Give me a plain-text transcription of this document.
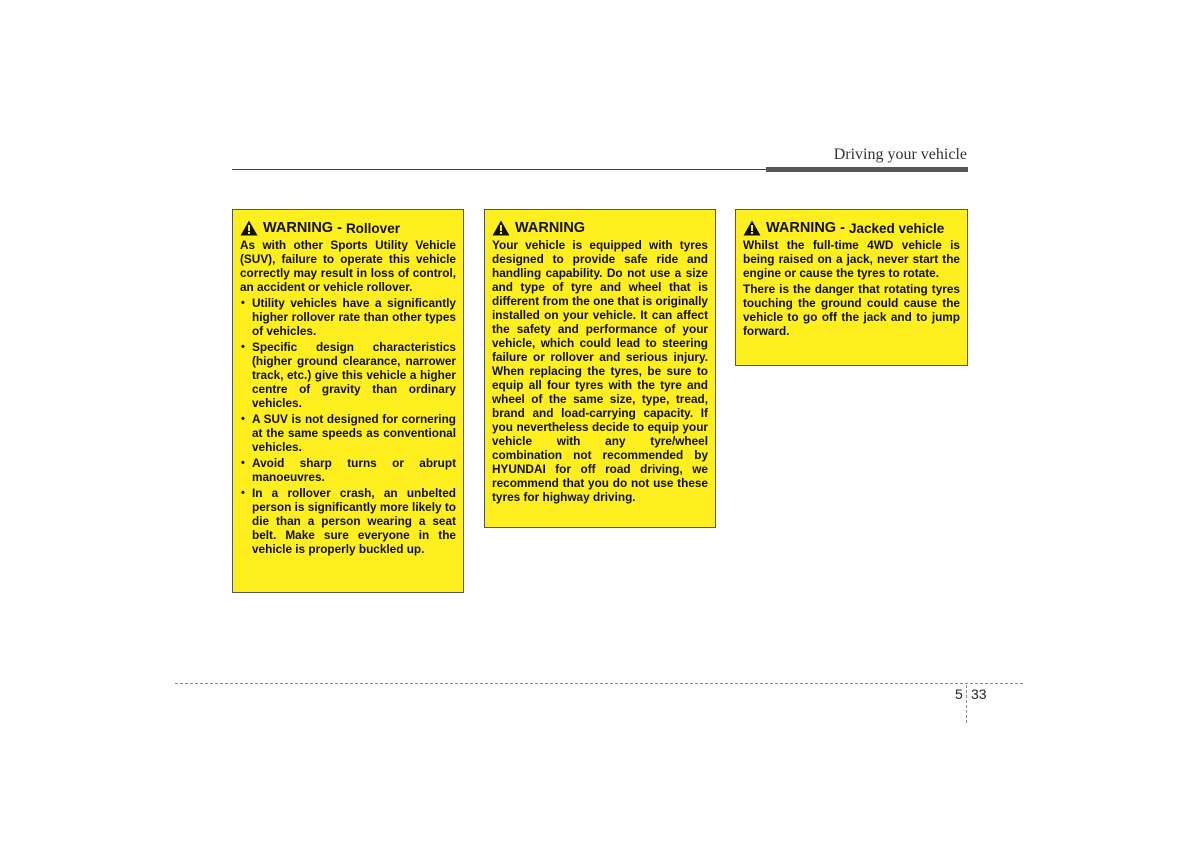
Driving your vehicle
WARNING - Rollover

As with other Sports Utility Vehicle (SUV), failure to operate this vehicle correctly may result in loss of control, an accident or vehicle rollover.

• Utility vehicles have a significantly higher rollover rate than other types of vehicles.
• Specific design characteristics (higher ground clearance, narrower track, etc.) give this vehicle a higher centre of gravity than ordinary vehicles.
• A SUV is not designed for cornering at the same speeds as conventional vehicles.
• Avoid sharp turns or abrupt manoeuvres.
• In a rollover crash, an unbelted person is significantly more likely to die than a person wearing a seat belt. Make sure everyone in the vehicle is properly buckled up.
WARNING

Your vehicle is equipped with tyres designed to provide safe ride and handling capability. Do not use a size and type of tyre and wheel that is different from the one that is originally installed on your vehicle. It can affect the safety and performance of your vehicle, which could lead to steering failure or rollover and serious injury. When replacing the tyres, be sure to equip all four tyres with the tyre and wheel of the same size, type, tread, brand and load-carrying capacity. If you nevertheless decide to equip your vehicle with any tyre/wheel combination not recommended by HYUNDAI for off road driving, we recommend that you do not use these tyres for highway driving.

WARNING - Jacked vehicle

Whilst the full-time 4WD vehicle is being raised on a jack, never start the engine or cause the tyres to rotate.

There is the danger that rotating tyres touching the ground could cause the vehicle to go off the jack and to jump forward.

5 33
